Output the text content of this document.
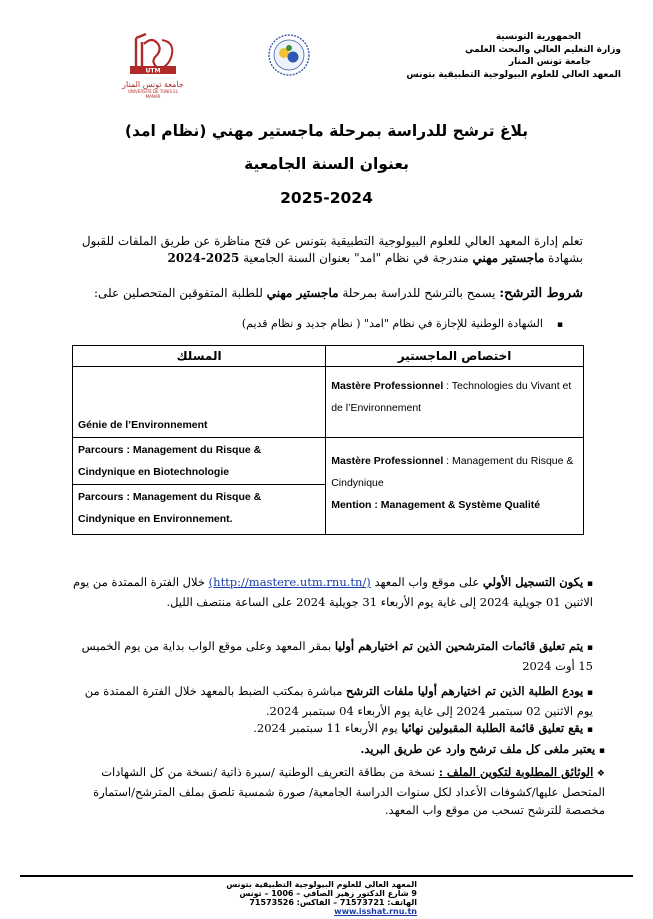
الجمهورية التونسية
وزارة التعليم العالي والبحث العلمي
جامعة تونس المنار
المعهد العالي للعلوم البيولوجية التطبيقية بتونس
UTM
جامعة تونس المنار
UNIVERSITÉ DE TUNIS EL MANAR
بلاغ ترشح للدراسة بمرحلة ماجستير مهني (نظام امد)
بعنوان السنة الجامعية
2025-2024
تعلم إدارة المعهد العالي للعلوم البيولوجية التطبيقية بتونس عن فتح مناظرة عن طريق الملفات للقبول بشهادة ماجستير مهني مندرجة في نظام "امد" بعنوان السنة الجامعية 2025-2024
شروط الترشح: يسمح بالترشح للدراسة بمرحلة ماجستير مهني للطلبة المتفوقين المتحصلين على:
▪    الشهادة الوطنية للإجازة في نظام "امد" ( نظام جديد و نظام قديم)
المسلك	اختصاص الماجستير
Génie de l’Environnement	Mastère Professionnel : Technologies du Vivant et de l’Environnement
Parcours : Management du Risque & Cindynique en Biotechnologie	Mastère Professionnel : Management du Risque & Cindynique
Mention : Management & Système Qualité

Parcours : Management du Risque & Cindynique en Environnement.	
▪ يكون التسجيل الأولي على موقع واب المعهد (http://mastere.utm.rnu.tn/) خلال الفترة الممتدة من يوم الاثنين 01 جويلية 2024 إلى غاية يوم الأربعاء 31 جويلية 2024 على الساعة منتصف الليل.
▪ يتم تعليق قائمات المترشحين الذين تم اختيارهم أوليا بمقر المعهد وعلى موقع الواب بداية من يوم الخميس 15 أوت 2024
▪ يودع الطلبة الذين تم اختيارهم أوليا ملفات الترشح مباشرة بمكتب الضبط بالمعهد خلال الفترة الممتدة من يوم الاثنين 02 سبتمبر 2024 إلى غاية يوم الأربعاء 04 سبتمبر 2024.
▪ يقع تعليق قائمة الطلبة المقبولين نهائيا يوم الأربعاء 11 سبتمبر 2024.
▪ يعتبر ملغى كل ملف ترشح وارد عن طريق البريد.
❖ الوثائق المطلوبة لتكوين الملف : نسخة من بطاقة التعريف الوطنية /سيرة ذاتية /نسخة من كل الشهادات المتحصل عليها/كشوفات الأعداد لكل سنوات الدراسة الجامعية/ صورة شمسية تلصق بملف المترشح/استمارة مخصصة للترشح تسحب من موقع واب المعهد.
المعهد العالي للعلوم البيولوجية التطبيقية بتونس
9 شارع الدكتور زهير الصافي – 1006 – تونس
الهاتف: 71573721 – الفاكس: 71573526
www.isshat.rnu.tn
